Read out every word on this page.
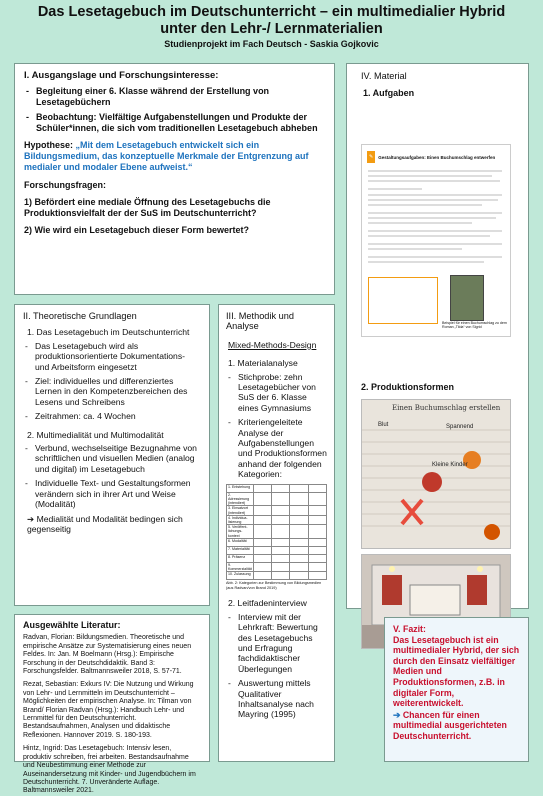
Das Lesetagebuch im Deutschunterricht – ein multimedialier Hybrid
unter den Lehr-/ Lernmaterialien
Studienprojekt im Fach Deutsch - Saskia Gojkovic
I. Ausgangslage und Forschungsinteresse:
- Begleitung einer 6. Klasse während der Erstellung von Lesetagebüchern
- Beobachtung: Vielfältige Aufgabenstellungen und Produkte der Schüler*innen, die sich vom traditionellen Lesetagebuch abheben
Hypothese: „Mit dem Lesetagebuch entwickelt sich ein Bildungsmedium, das konzeptuelle Merkmale der Entgrenzung auf medialer und modaler Ebene aufweist.“
Forschungsfragen:
1) Befördert eine mediale Öffnung des Lesetagebuchs die Produktionsvielfalt der der SuS im Deutschunterricht?
2) Wie wird ein Lesetagebuch dieser Form bewertet?
II. Theoretische Grundlagen
1. Das Lesetagebuch im Deutschunterricht
- Das Lesetagebuch wird als produktionsorientierte Dokumentations- und Arbeitsform eingesetzt
- Ziel: individuelles und differenziertes Lernen in den Kompetenzbereichen des Lesens und Schreibens
- Zeitrahmen: ca. 4 Wochen
2. Multimedialität und Multimodalität
- Verbund, wechselseitige Bezugnahme von schriftlichen und visuellen Medien (analog und digital) im Lesetagebuch
- Individuelle Text- und Gestaltungsformen verändern sich in ihrer Art und Weise (Modalität)
➔ Medialität und Modalität bedingen sich gegenseitig
Ausgewählte Literatur:
Radvan, Florian: Bildungsmedien. Theoretische und empirische Ansätze zur Systematisierung eines neuen Feldes. In: Jan. M Boelmann (Hrsg.): Empirische Forschung in der Deutschdidaktik. Band 3: Forschungsfelder. Baltmannsweiler 2018, S. 57-71.
Rezat, Sebastian: Exkurs IV: Die Nutzung und Wirkung von Lehr- und Lernmitteln im Deutschunterricht – Möglichkeiten der empirischen Analyse. In: Tilman von Brand/ Florian Radvan (Hrsg.): Handbuch Lehr- und Lernmittel für den Deutschunterricht. Bestandsaufnahmen, Analysen und didaktische Reflexionen. Hannover 2019. S. 180-193.
Hintz, Ingrid: Das Lesetagebuch: Intensiv lesen, produktiv schreiben, frei arbeiten. Bestandsaufnahme und Neubestimmung einer Methode zur Auseinandersetzung mit Kinder- und Jugendbüchern im Deutschunterricht. 7. Unveränderte Auflage. Baltmannsweiler 2021.
III. Methodik und Analyse
Mixed-Methods-Design
1. Materialanalyse
- Stichprobe: zehn Lesetagebücher von SuS der 6. Klasse eines Gymnasiums
- Kriteriengeleitete Analyse der Aufgabenstellungen und Produktionsformen anhand der folgenden Kategorien:
1. Entstehung				
2. Adressierung (intendiert)				
3. Einsatzort (intendiert)				
4. Individua-lisierung				
5. Veröffent-lichungs-kontext				
6. Modalität				
7. Materialität				
8. Präsenz				
9. Kommerzialität				
10. Zulassung				
Abb. 2: Kategorien zur Bestimmung von Bildungsmedien (aus Radvan/von Brand 2019)
2. Leitfadeninterview
- Interview mit der Lehrkraft: Bewertung des Lesetagebuchs und Erfragung fachdidaktischer Überlegungen
- Auswertung mittels Qualitativer Inhaltsanalyse nach Mayring (1995)
IV. Material
1. Aufgaben
✎	Gestaltungsaufgaben: Einen Buchumschlag entwerfen
Beispiel für einen Buchumschlag zu dem Roman „Tilda“ von Sigrid
2. Produktionsformen
Einen Buchumschlag erstellen
Blut	Spannend
Kleine Kinder
V. Fazit:
Das Lesetagebuch ist ein multimedialer Hybrid, der sich durch den Einsatz vielfältiger Medien und Produktionsformen, z.B. in digitaler Form, weiterentwickelt.
➔ Chancen für einen multimedial ausgerichteten Deutschunterricht.
